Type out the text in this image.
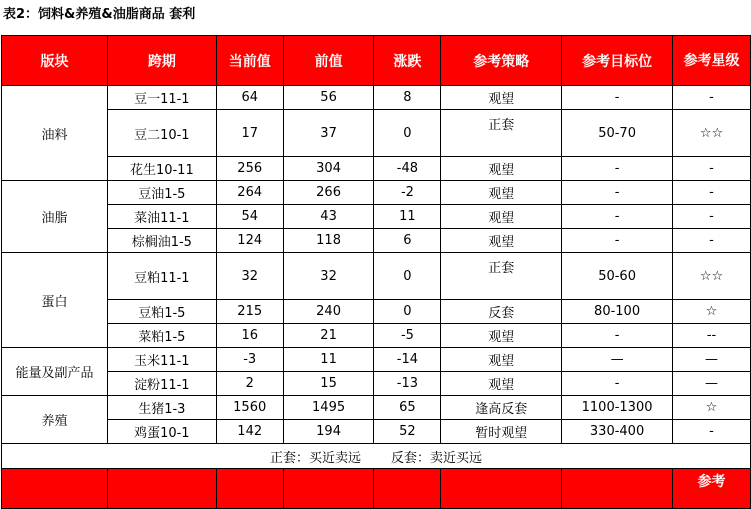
表2：饲料&养殖&油脂商品 套利
版块	跨期	当前值	前值	涨跌	参考策略	参考目标位	参考星级
油料	豆一11-1	64	56	8	观望	-	-
	豆二10-1	17	37	0	正套	50-70	☆☆
	花生10-11	256	304	-48	观望	-	-
油脂	豆油1-5	264	266	-2	观望	-	-
	菜油11-1	54	43	11	观望	-	-
	棕榈油1-5	124	118	6	观望	-	-
蛋白	豆粕11-1	32	32	0	正套	50-60	☆☆
	豆粕1-5	215	240	0	反套	80-100	☆
	菜粕1-5	16	21	-5	观望	-	--
能量及副产品	玉米11-1	-3	11	-14	观望	—	—
	淀粉11-1	2	15	-13	观望	-	—
养殖	生猪1-3	1560	1495	65	逢高反套	1100-1300	☆
	鸡蛋10-1	142	194	52	暂时观望	330-400	-
正套：买近卖远 反套：卖近买远							
							参考
